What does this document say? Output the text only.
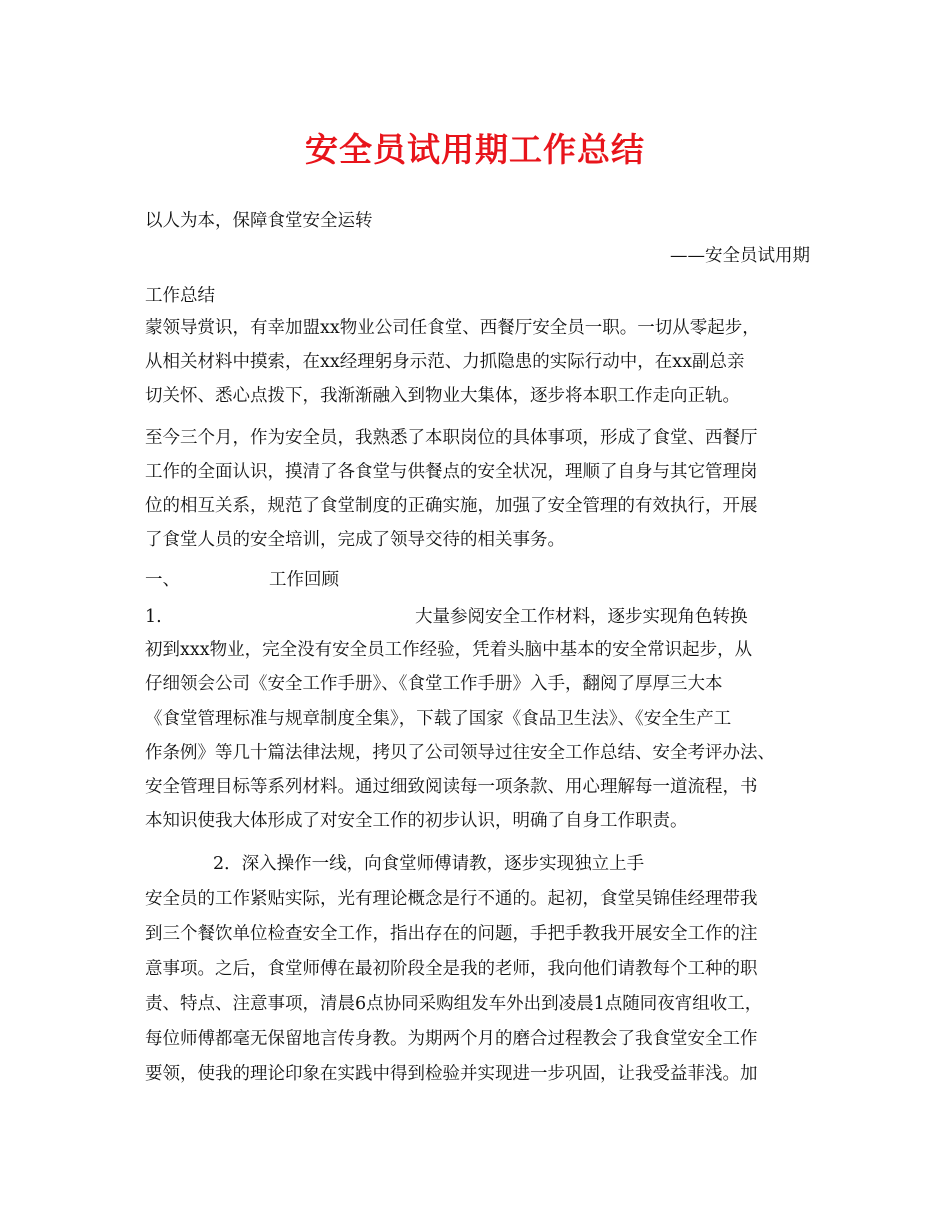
安全员试用期工作总结
以人为本，保障食堂安全运转
——安全员试用期
工作总结
蒙领导赏识，有幸加盟xx物业公司任食堂、西餐厅安全员一职。一切从零起步，
从相关材料中摸索，在xx经理躬身示范、力抓隐患的实际行动中，在xx副总亲
切关怀、悉心点拨下，我渐渐融入到物业大集体，逐步将本职工作走向正轨。
至今三个月，作为安全员，我熟悉了本职岗位的具体事项，形成了食堂、西餐厅
工作的全面认识，摸清了各食堂与供餐点的安全状况，理顺了自身与其它管理岗
位的相互关系，规范了食堂制度的正确实施，加强了安全管理的有效执行，开展
了食堂人员的安全培训，完成了领导交待的相关事务。
一、	工作回顾
1.	大量参阅安全工作材料，逐步实现角色转换
初到xxx物业，完全没有安全员工作经验，凭着头脑中基本的安全常识起步，从
仔细领会公司《安全工作手册》、《食堂工作手册》入手，翻阅了厚厚三大本
《食堂管理标准与规章制度全集》，下载了国家《食品卫生法》、《安全生产工
作条例》等几十篇法律法规，拷贝了公司领导过往安全工作总结、安全考评办法、
安全管理目标等系列材料。通过细致阅读每一项条款、用心理解每一道流程，书
本知识使我大体形成了对安全工作的初步认识，明确了自身工作职责。
2．深入操作一线，向食堂师傅请教，逐步实现独立上手
安全员的工作紧贴实际，光有理论概念是行不通的。起初，食堂吴锦佳经理带我
到三个餐饮单位检查安全工作，指出存在的问题，手把手教我开展安全工作的注
意事项。之后，食堂师傅在最初阶段全是我的老师，我向他们请教每个工种的职
责、特点、注意事项，清晨6点协同采购组发车外出到凌晨1点随同夜宵组收工，
每位师傅都毫无保留地言传身教。为期两个月的磨合过程教会了我食堂安全工作
要领，使我的理论印象在实践中得到检验并实现进一步巩固，让我受益菲浅。加
